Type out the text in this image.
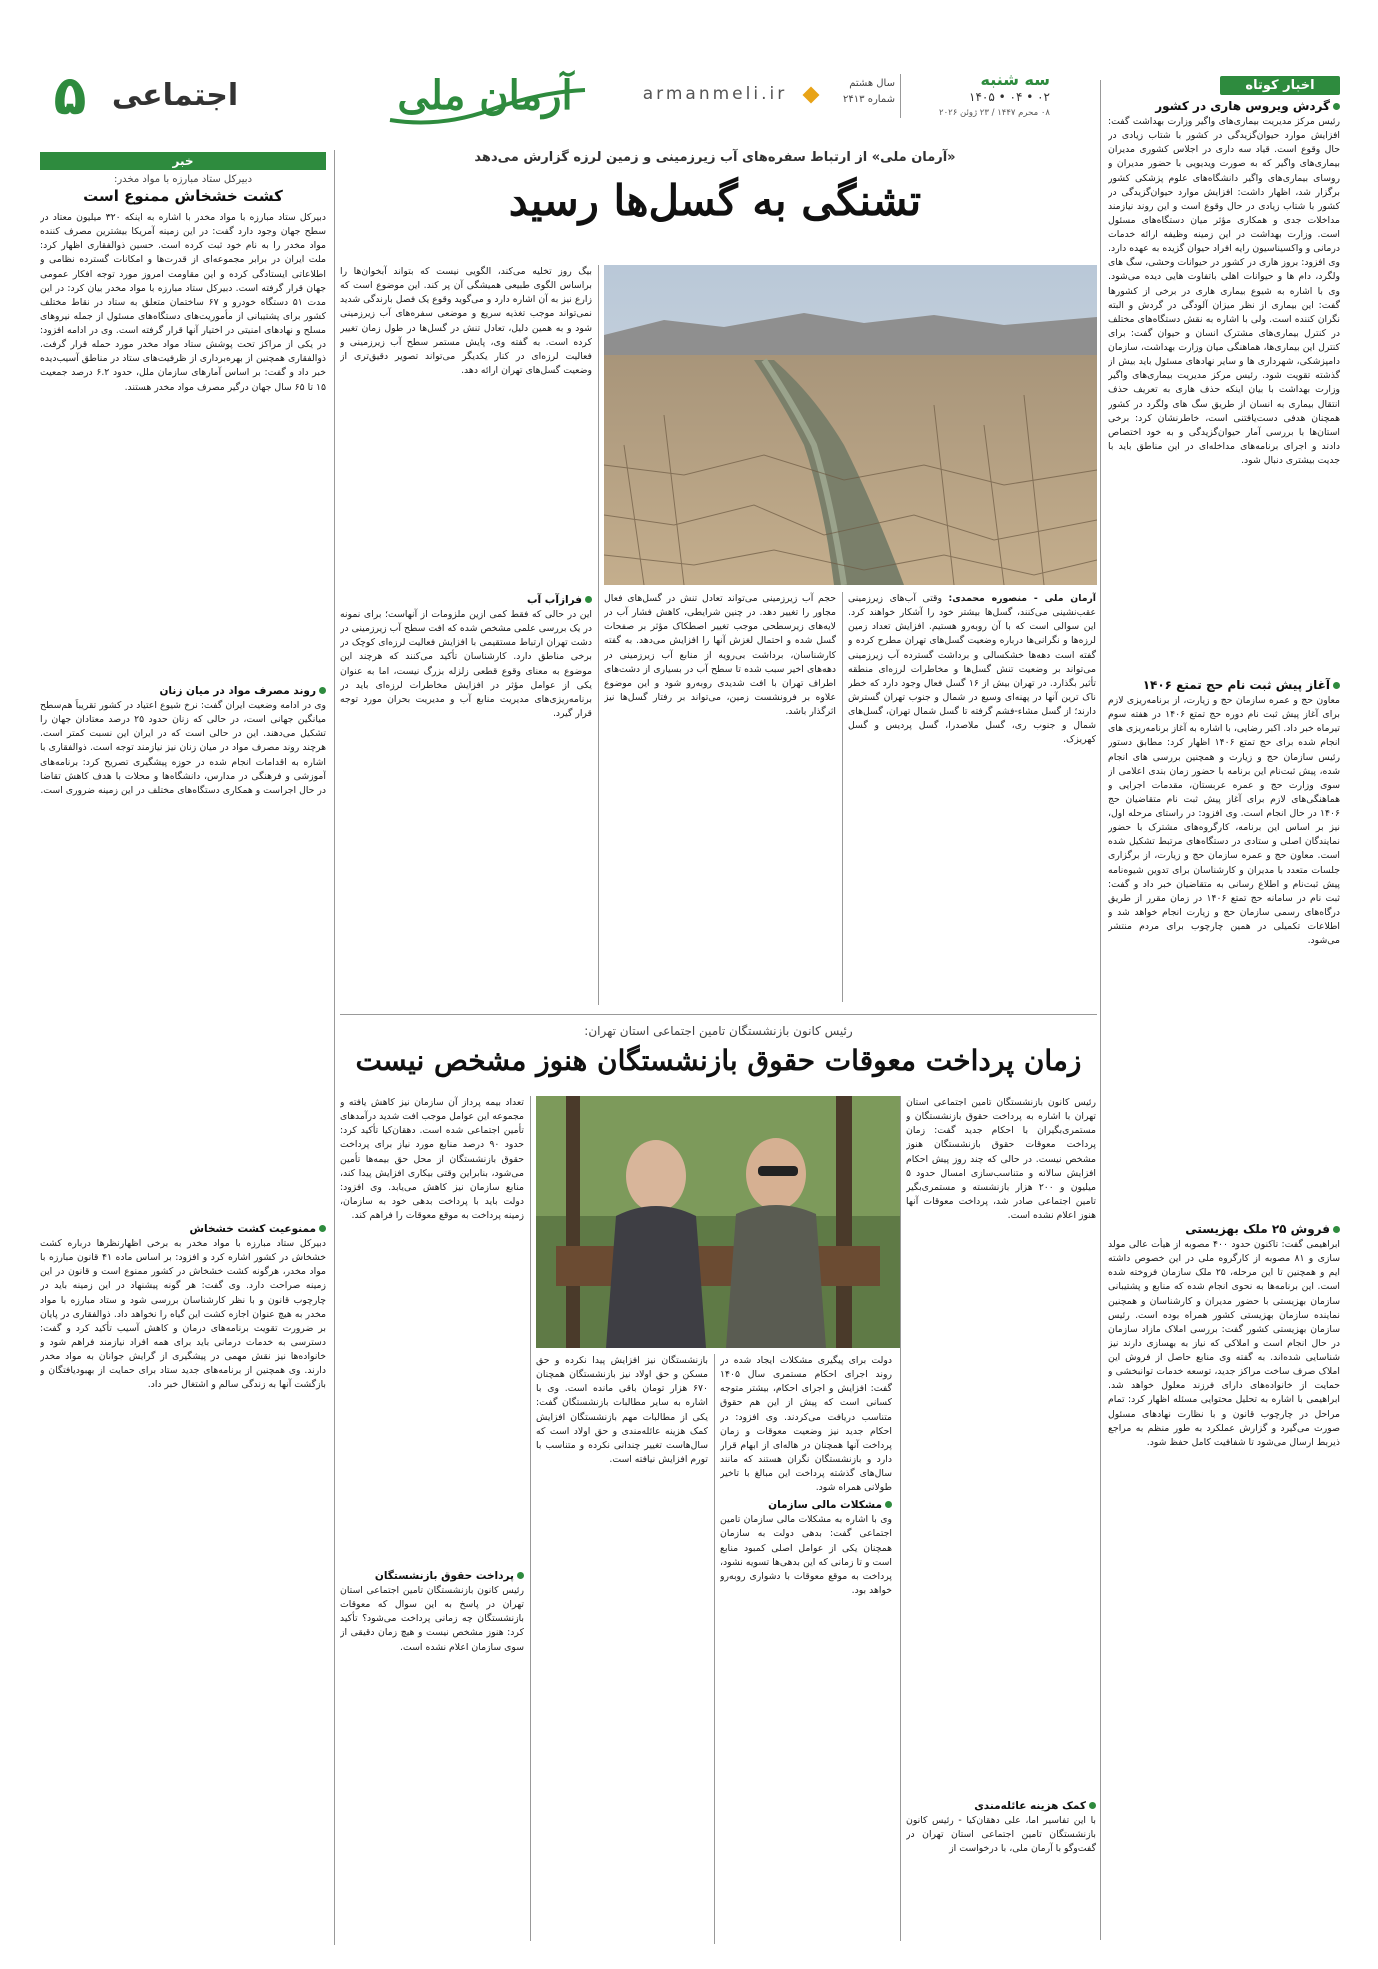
۵ اجتماعی	آرمان ملی	armanmeli.ir
سال هشتم
شماره ۲۴۱۳
سه شنبه
۰۲ • ۰۴ • ۱۴۰۵
۰۸ محرم ۱۴۴۷ / ۲۳ ژوئن ۲۰۲۶
اخبار کوتاه
گردش ویروس هاری در کشور
رئیس مرکز مدیریت بیماری‌های واگیر وزارت بهداشت گفت: افزایش موارد حیوان‌گزیدگی در کشور با شتاب زیادی در حال وقوع است. قیاد سه داری در اجلاس کشوری مدیران بیماری‌های واگیر که به صورت ویدیویی با حضور مدیران و روسای بیماری‌های واگیر دانشگاه‌های علوم پزشکی کشور برگزار شد، اظهار داشت: افزایش موارد حیوان‌گزیدگی در کشور با شتاب زیادی در حال وقوع است و این روند نیازمند مداخلات جدی و همکاری مؤثر میان دستگاه‌های مسئول است. وزارت بهداشت در این زمینه وظیفه ارائه خدمات درمانی و واکسیناسیون رایه افراد حیوان گزیده به عهده دارد. وی افزود: بروز هاری در کشور در حیوانات وحشی، سگ های ولگرد، دام ها و حیوانات اهلی باتفاوت هایی دیده می‌شود. وی با اشاره به شیوع بیماری هاری در برخی از کشورها گفت: این بیماری از نظر میزان آلودگی در گردش و البته نگران کننده است. ولی با اشاره به نقش دستگاه‌های مختلف در کنترل بیماری‌های مشترک انسان و حیوان گفت: برای کنترل این بیماری‌ها، هماهنگی میان وزارت بهداشت، سازمان دامپزشکی، شهرداری ها و سایر نهادهای مسئول باید بیش از گذشته تقویت شود. رئیس مرکز مدیریت بیماری‌های واگیر وزارت بهداشت با بیان اینکه حذف هاری به تعریف حذف انتقال بیماری به انسان از طریق سگ های ولگرد در کشور همچنان هدفی دست‌یافتنی است، خاطرنشان کرد: برخی استان‌ها با بررسی آمار حیوان‌گزیدگی و به خود اختصاص دادند و اجرای برنامه‌های مداخله‌ای در این مناطق باید با جدیت بیشتری دنبال شود.
آغاز پیش ثبت نام حج تمتع ۱۴۰۶
معاون حج و عمره سازمان حج و زیارت، از برنامه‌ریزی لازم برای آغاز پیش ثبت نام دوره حج تمتع ۱۴۰۶ در هفته سوم تیرماه خبر داد. اکبر رضایی، با اشاره به آغاز برنامه‌ریزی های انجام شده برای حج تمتع ۱۴۰۶ اظهار کرد: مطابق دستور رئیس سازمان حج و زیارت و همچنین بررسی های انجام شده، پیش ثبت‌نام این برنامه با حضور زمان بندی اعلامی از سوی وزارت حج و عمره عربستان، مقدمات اجرایی و هماهنگی‌های لازم برای آغاز پیش ثبت نام متقاضیان حج ۱۴۰۶ در حال انجام است. وی افزود: در راستای مرحله اول، نیز بر اساس این برنامه، کارگروه‌های مشترک با حضور نمایندگان اصلی و ستادی در دستگاه‌های مرتبط تشکیل شده است. معاون حج و عمره سازمان حج و زیارت، از برگزاری جلسات متعدد با مدیران و کارشناسان برای تدوین شیوه‌نامه پیش ثبت‌نام و اطلاع رسانی به متقاضیان خبر داد و گفت: ثبت نام در سامانه حج تمتع ۱۴۰۶ در زمان مقرر از طریق درگاه‌های رسمی سازمان حج و زیارت انجام خواهد شد و اطلاعات تکمیلی در همین چارچوب برای مردم منتشر می‌شود.
فروش ۲۵ ملک بهزیستی
ابراهیمی گفت: تاکنون حدود ۴۰۰ مصوبه از هیأت عالی مولد سازی و ۸۱ مصوبه از کارگروه ملی در این خصوص داشته ایم و همچنین تا این مرحله، ۲۵ ملک سازمان فروخته شده است. این برنامه‌ها به نحوی انجام شده که منابع و پشتیبانی سازمان بهزیستی با حضور مدیران و کارشناسان و همچنین نماینده سازمان بهزیستی کشور همراه بوده است. رئیس سازمان بهزیستی کشور گفت: بررسی املاک مازاد سازمان در حال انجام است و املاکی که نیاز به بهسازی دارند نیز شناسایی شده‌اند. به گفته وی منابع حاصل از فروش این املاک صرف ساخت مراکز جدید، توسعه خدمات توانبخشی و حمایت از خانواده‌های دارای فرزند معلول خواهد شد. ابراهیمی با اشاره به تحلیل محتوایی مسئله اظهار کرد: تمام مراحل در چارچوب قانون و با نظارت نهادهای مسئول صورت می‌گیرد و گزارش عملکرد به طور منظم به مراجع ذیربط ارسال می‌شود تا شفافیت کامل حفظ شود.
«آرمان ملی» از ارتباط سفره‌های آب زیرزمینی و زمین لرزه گزارش می‌دهد
تشنگی به گسل‌ها رسید
آرمان ملی - منصوره محمدی: وقتی آب‌های زیرزمینی عقب‌نشینی می‌کنند، گسل‌ها بیشتر خود را آشکار خواهند کرد. این سوالی است که با آن روبه‌رو هستیم. افزایش تعداد زمین لرزه‌ها و نگرانی‌ها درباره وضعیت گسل‌های تهران مطرح کرده و گفته است دهه‌ها خشکسالی و برداشت گسترده آب زیرزمینی می‌تواند بر وضعیت تنش گسل‌ها و مخاطرات لرزه‌ای منطقه تأثیر بگذارد. در تهران بیش از ۱۶ گسل فعال وجود دارد که خطر ناک ترین آنها در پهنه‌ای وسیع در شمال و جنوب تهران گسترش دارند؛ از گسل مشاء-فشم گرفته تا گسل شمال تهران، گسل‌های شمال و جنوب ری، گسل ملاصدرا، گسل پردیس و گسل کهریزک.
حجم آب زیرزمینی می‌تواند تعادل تنش در گسل‌های فعال مجاور را تغییر دهد. در چنین شرایطی، کاهش فشار آب در لایه‌های زیرسطحی موجب تغییر اصطکاک مؤثر بر صفحات گسل شده و احتمال لغزش آنها را افزایش می‌دهد. به گفته کارشناسان، برداشت بی‌رویه از منابع آب زیرزمینی در دهه‌های اخیر سبب شده تا سطح آب در بسیاری از دشت‌های اطراف تهران با افت شدیدی روبه‌رو شود و این موضوع علاوه بر فرونشست زمین، می‌تواند بر رفتار گسل‌ها نیز اثرگذار باشد.
فرازآب آب
این در حالی که فقط کمی ازین ملزومات از آنهاست؛ برای نمونه در یک بررسی علمی مشخص شده که افت سطح آب زیرزمینی در دشت تهران ارتباط مستقیمی با افزایش فعالیت لرزه‌ای کوچک در برخی مناطق دارد. کارشناسان تأکید می‌کنند که هرچند این موضوع به معنای وقوع قطعی زلزله بزرگ نیست، اما به عنوان یکی از عوامل مؤثر در افزایش مخاطرات لرزه‌ای باید در برنامه‌ریزی‌های مدیریت منابع آب و مدیریت بحران مورد توجه قرار گیرد.
بیگ روز تخلیه می‌کند، الگویی نیست که بتواند آبخوان‌ها را براساس الگوی طبیعی همیشگی آن پر کند. این موضوع است که زارع نیز به آن اشاره دارد و می‌گوید وقوع یک فصل بارندگی شدید نمی‌تواند موجب تغذیه سریع و موضعی سفره‌های آب زیرزمینی شود و به همین دلیل، تعادل تنش در گسل‌ها در طول زمان تغییر کرده است. به گفته وی، پایش مستمر سطح آب زیرزمینی و فعالیت لرزه‌ای در کنار یکدیگر می‌تواند تصویر دقیق‌تری از وضعیت گسل‌های تهران ارائه دهد.
رئیس کانون بازنشستگان تامین اجتماعی استان تهران:
زمان پرداخت معوقات حقوق بازنشستگان هنوز مشخص نیست
رئیس کانون بازنشستگان تامین اجتماعی استان تهران با اشاره به پرداخت حقوق بازنشستگان و مستمری‌بگیران با احکام جدید گفت: زمان پرداخت معوقات حقوق بازنشستگان هنوز مشخص نیست. در حالی که چند روز پیش احکام افزایش سالانه و متناسب‌سازی امسال حدود ۵ میلیون و ۲۰۰ هزار بازنشسته و مستمری‌بگیر تامین اجتماعی صادر شد، پرداخت معوقات آنها هنوز اعلام نشده است.
کمک هزینه عائله‌مندی
با این تفاسیر اما، علی دهقان‌کیا - رئیس کانون بازنشستگان تامین اجتماعی استان تهران در گفت‌وگو با آرمان ملی، با درخواست از
دولت برای پیگیری مشکلات ایجاد شده در روند اجرای احکام مستمری سال ۱۴۰۵ گفت: افزایش و اجرای احکام، بیشتر متوجه کسانی است که پیش از این هم حقوق متناسب دریافت می‌کردند. وی افزود: در احکام جدید نیز وضعیت معوقات و زمان پرداخت آنها همچنان در هاله‌ای از ابهام قرار دارد و بازنشستگان نگران هستند که مانند سال‌های گذشته پرداخت این مبالغ با تاخیر طولانی همراه شود.
مشکلات مالی سازمان
وی با اشاره به مشکلات مالی سازمان تامین اجتماعی گفت: بدهی دولت به سازمان همچنان یکی از عوامل اصلی کمبود منابع است و تا زمانی که این بدهی‌ها تسویه نشود، پرداخت به موقع معوقات با دشواری روبه‌رو خواهد بود.
بازنشستگان نیز افزایش پیدا نکرده و حق مسکن و حق اولاد نیز بازنشستگان همچنان ۶۷۰ هزار تومان باقی مانده است. وی با اشاره به سایر مطالبات بازنشستگان گفت: یکی از مطالبات مهم بازنشستگان افزایش کمک هزینه عائله‌مندی و حق اولاد است که سال‌هاست تغییر چندانی نکرده و متناسب با تورم افزایش نیافته است.
تعداد بیمه پرداز آن سازمان نیز کاهش یافته و مجموعه این عوامل موجب افت شدید درآمدهای تأمین اجتماعی شده است. دهقان‌کیا تأکید کرد: حدود ۹۰ درصد منابع مورد نیاز برای پرداخت حقوق بازنشستگان از محل حق بیمه‌ها تأمین می‌شود، بنابراین وقتی بیکاری افزایش پیدا کند، منابع سازمان نیز کاهش می‌یابد. وی افزود: دولت باید با پرداخت بدهی خود به سازمان، زمینه پرداخت به موقع معوقات را فراهم کند.
پرداخت حقوق بازنشستگان
رئیس کانون بازنشستگان تامین اجتماعی استان تهران در پاسخ به این سوال که معوقات بازنشستگان چه زمانی پرداخت می‌شود؟ تأکید کرد: هنوز مشخص نیست و هیچ زمان دقیقی از سوی سازمان اعلام نشده است.
خبر
دبیرکل ستاد مبارزه با مواد مخدر:
کشت خشخاش ممنوع است
دبیرکل ستاد مبارزه با مواد مخدر با اشاره به اینکه ۳۲۰ میلیون معتاد در سطح جهان وجود دارد گفت: در این زمینه آمریکا بیشترین مصرف کننده مواد مخدر را به نام خود ثبت کرده است. حسین ذوالفقاری اظهار کرد: ملت ایران در برابر مجموعه‌ای از قدرت‌ها و امکانات گسترده نظامی و اطلاعاتی ایستادگی کرده و این مقاومت امروز مورد توجه افکار عمومی جهان قرار گرفته است. دبیرکل ستاد مبارزه با مواد مخدر بیان کرد: در این مدت ۵۱ دستگاه خودرو و ۶۷ ساختمان متعلق به ستاد در نقاط مختلف کشور برای پشتیبانی از مأموریت‌های دستگاه‌های مسئول از جمله نیروهای مسلح و نهادهای امنیتی در اختیار آنها قرار گرفته است. وی در ادامه افزود: در یکی از مراکز تحت پوشش ستاد مواد مخدر مورد حمله قرار گرفت. ذوالفقاری همچنین از بهره‌برداری از ظرفیت‌های ستاد در مناطق آسیب‌دیده خبر داد و گفت: بر اساس آمارهای سازمان ملل، حدود ۶.۲ درصد جمعیت ۱۵ تا ۶۵ سال جهان درگیر مصرف مواد مخدر هستند.
روند مصرف مواد در میان زنان
وی در ادامه وضعیت ایران گفت: نرخ شیوع اعتیاد در کشور تقریباً هم‌سطح میانگین جهانی است، در حالی که زنان حدود ۲۵ درصد معتادان جهان را تشکیل می‌دهند. این در حالی است که در ایران این نسبت کمتر است. هرچند روند مصرف مواد در میان زنان نیز نیازمند توجه است. ذوالفقاری با اشاره به اقدامات انجام شده در حوزه پیشگیری تصریح کرد: برنامه‌های آموزشی و فرهنگی در مدارس، دانشگاه‌ها و محلات با هدف کاهش تقاضا در حال اجراست و همکاری دستگاه‌های مختلف در این زمینه ضروری است.
ممنوعیت کشت خشخاش
دبیرکل ستاد مبارزه با مواد مخدر به برخی اظهارنظرها درباره کشت خشخاش در کشور اشاره کرد و افزود: بر اساس ماده ۴۱ قانون مبارزه با مواد مخدر، هرگونه کشت خشخاش در کشور ممنوع است و قانون در این زمینه صراحت دارد. وی گفت: هر گونه پیشنهاد در این زمینه باید در چارچوب قانون و با نظر کارشناسان بررسی شود و ستاد مبارزه با مواد مخدر به هیچ عنوان اجازه کشت این گیاه را نخواهد داد. ذوالفقاری در پایان بر ضرورت تقویت برنامه‌های درمان و کاهش آسیب تأکید کرد و گفت: دسترسی به خدمات درمانی باید برای همه افراد نیازمند فراهم شود و خانواده‌ها نیز نقش مهمی در پیشگیری از گرایش جوانان به مواد مخدر دارند. وی همچنین از برنامه‌های جدید ستاد برای حمایت از بهبودیافتگان و بازگشت آنها به زندگی سالم و اشتغال خبر داد.
